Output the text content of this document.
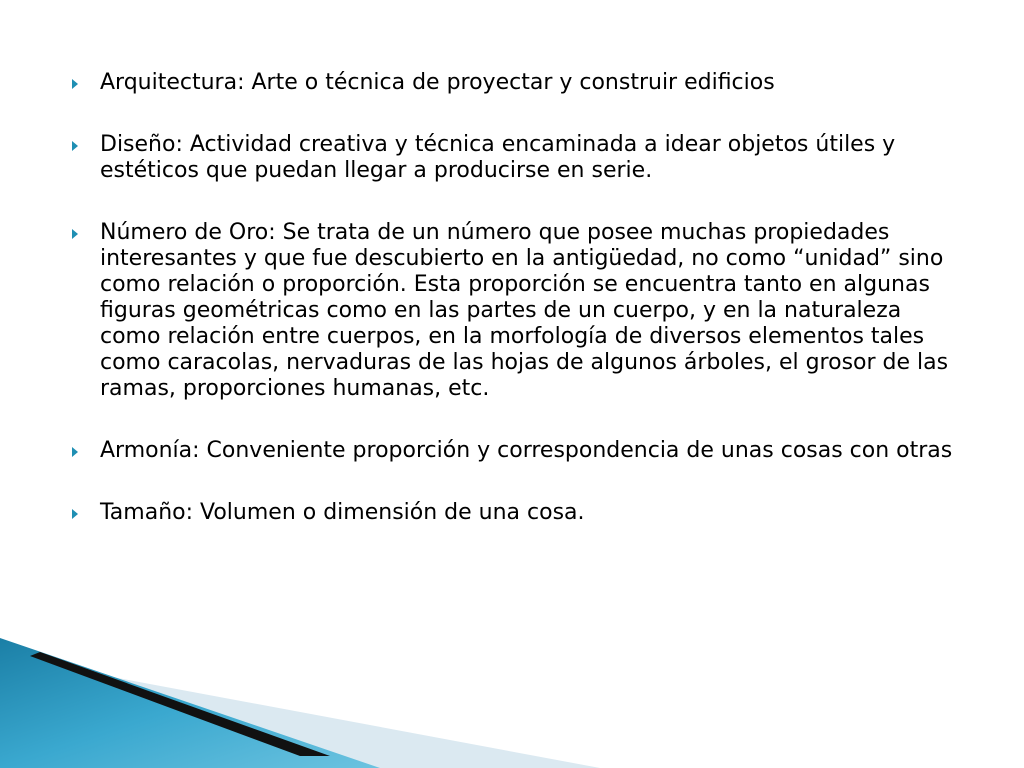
Arquitectura: Arte o técnica de proyectar y construir edificios
Diseño: Actividad creativa y técnica encaminada a idear objetos útiles y estéticos que puedan llegar a producirse en serie.
Número de Oro: Se trata de un número que posee muchas propiedades interesantes y que fue descubierto en la antigüedad, no como “unidad” sino como relación o proporción. Esta proporción se encuentra tanto en algunas figuras geométricas como en las partes de un cuerpo, y en la naturaleza como relación entre cuerpos, en la morfología de diversos elementos tales como caracolas, nervaduras de las hojas de algunos árboles, el grosor de las ramas, proporciones humanas, etc.
Armonía: Conveniente proporción y correspondencia de unas cosas con otras
Tamaño: Volumen o dimensión de una cosa.
